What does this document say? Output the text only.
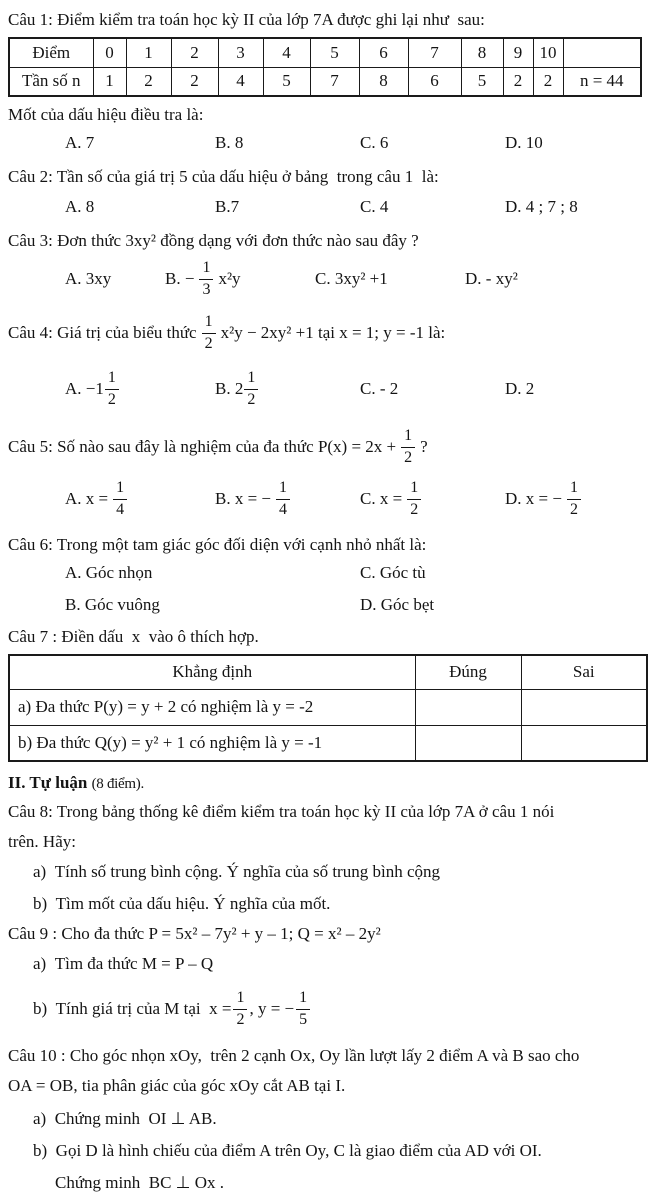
Câu 1: Điểm kiểm tra toán học kỳ II của lớp 7A được ghi lại như  sau:

Điểm	0	1	2	3	4	5	6	7	8	9	10	
Tần số n	1	2	2	4	5	7	8	6	5	2	2	n = 44

Mốt của dấu hiệu điều tra là:

A. 7	B. 8	C. 6	D. 10

Câu 2: Tần số của giá trị 5 của dấu hiệu ở bảng  trong câu 1  là:

A. 8	B.7	C. 4	D. 4 ; 7 ; 8

Câu 3: Đơn thức 3xy² đồng dạng với đơn thức nào sau đây ?

A. 3xy	B. − $\frac{1}{3} x^2y$	C. 3xy² +1	D. - xy²
Câu 4: Giá trị của biểu thức $\frac{1}{2} x^2y - 2xy^2 +1$ tại x = 1; y = -1 là:
A. $-1 \frac{1}{2}$	B. $2 \frac{1}{2}$	C. - 2	D. 2
Câu 5: Số nào sau đây là nghiệm của đa thức $P(x) = 2x + \frac{1}{2}$ ?
A. $x = \frac{1}{4}$	B. x = − $\frac{1}{4}$	C. $x = \frac{1}{2}$	D. x = − $\frac{1}{2}$

Câu 6: Trong một tam giác góc đối diện với cạnh nhỏ nhất là:

A. Góc nhọn	C. Góc tù
B. Góc vuông	D. Góc bẹt

Câu 7 : Điền dấu  x  vào ô thích hợp.

Khẳng định	Đúng	Sai
a) Đa thức P(y) = y + 2 có nghiệm là y = -2		
b) Đa thức Q(y) = y² + 1 có nghiệm là y = -1		

II. Tự luận (8 điểm).

Câu 8: Trong bảng thống kê điểm kiểm tra toán học kỳ II của lớp 7A ở câu 1 nói

trên. Hãy:

a)  Tính số trung bình cộng. Ý nghĩa của số trung bình cộng

b)  Tìm mốt của dấu hiệu. Ý nghĩa của mốt.

Câu 9 : Cho đa thức P = 5x² – 7y² + y – 1; Q = x² – 2y²

a)  Tìm đa thức M = P – Q

b)  Tính giá trị của M tại  $x = \frac{1}{2}$ , y = − $\frac{1}{5}$

Câu 10 : Cho góc nhọn xOy,  trên 2 cạnh Ox, Oy lần lượt lấy 2 điểm A và B sao cho

OA = OB, tia phân giác của góc xOy cắt AB tại I.

a)  Chứng minh  OI ⊥ AB.

b)  Gọi D là hình chiếu của điểm A trên Oy, C là giao điểm của AD với OI.

Chứng minh  BC ⊥ Ox .
